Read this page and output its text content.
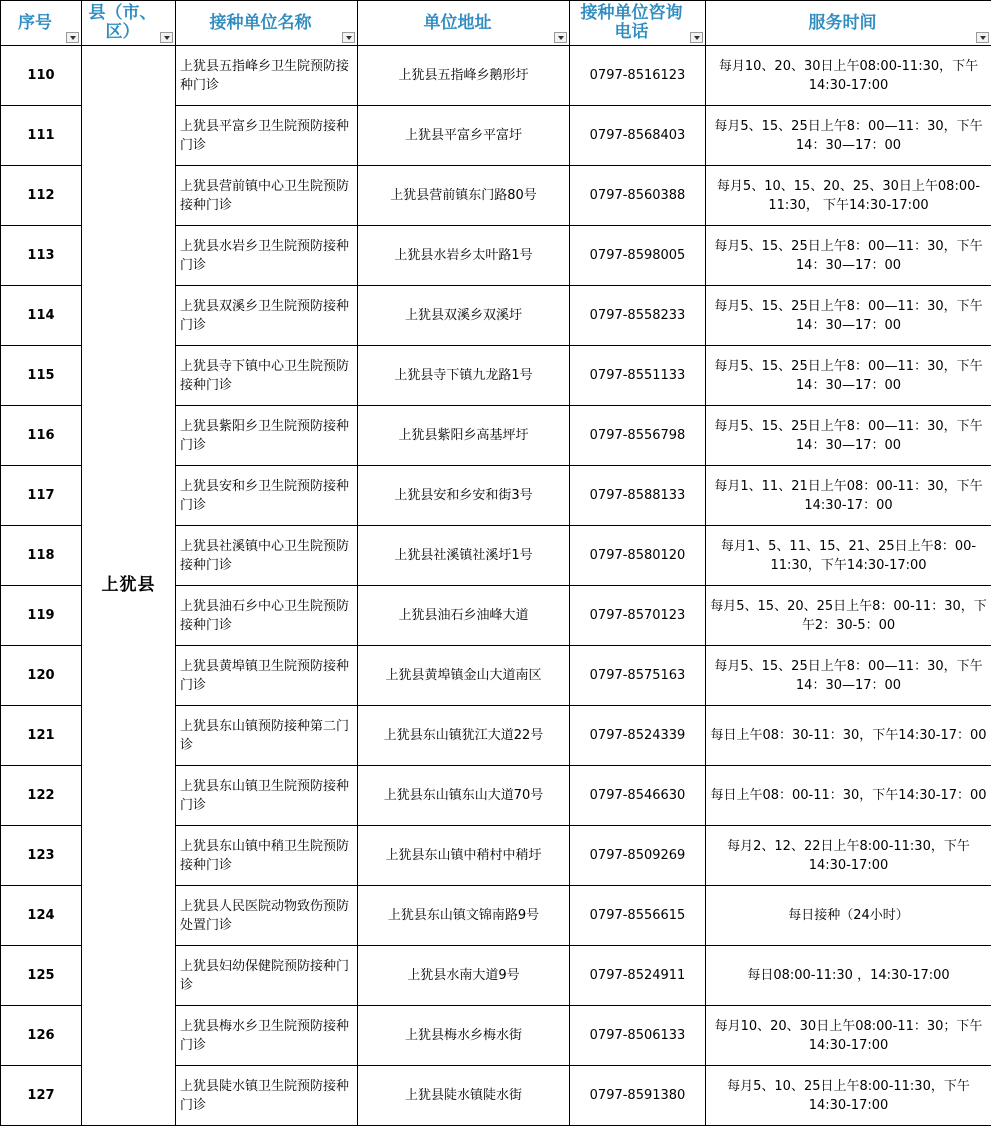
序号	县（市、区）	接种单位名称	单位地址	接种单位咨询电话	服务时间

110	上犹县	上犹县五指峰乡卫生院预防接种门诊	上犹县五指峰乡鹅形圩	0797-8516123	每月10、20、30日上午08:00-11:30，下午14:30-17:00
111		上犹县平富乡卫生院预防接种门诊	上犹县平富乡平富圩	0797-8568403	每月5、15、25日上午8：00—11：30，下午14：30—17：00
112		上犹县营前镇中心卫生院预防接种门诊	上犹县营前镇东门路80号	0797-8560388	每月5、10、15、20、25、30日上午08:00-11:30， 下午14:30-17:00
113		上犹县水岩乡卫生院预防接种门诊	上犹县水岩乡太叶路1号	0797-8598005	每月5、15、25日上午8：00—11：30，下午14：30—17：00
114		上犹县双溪乡卫生院预防接种门诊	上犹县双溪乡双溪圩	0797-8558233	每月5、15、25日上午8：00—11：30，下午14：30—17：00
115		上犹县寺下镇中心卫生院预防接种门诊	上犹县寺下镇九龙路1号	0797-8551133	每月5、15、25日上午8：00—11：30，下午14：30—17：00
116		上犹县紫阳乡卫生院预防接种门诊	上犹县紫阳乡高基坪圩	0797-8556798	每月5、15、25日上午8：00—11：30，下午14：30—17：00
117		上犹县安和乡卫生院预防接种门诊	上犹县安和乡安和街3号	0797-8588133	每月1、11、21日上午08：00-11：30，下午14:30-17：00
118		上犹县社溪镇中心卫生院预防接种门诊	上犹县社溪镇社溪圩1号	0797-8580120	每月1、5、11、15、21、25日上午8：00-11:30，下午14:30-17:00
119		上犹县油石乡中心卫生院预防接种门诊	上犹县油石乡油峰大道	0797-8570123	每月5、15、20、25日上午8：00-11：30，下午2：30-5：00
120		上犹县黄埠镇卫生院预防接种门诊	上犹县黄埠镇金山大道南区	0797-8575163	每月5、15、25日上午8：00—11：30，下午14：30—17：00
121		上犹县东山镇预防接种第二门诊	上犹县东山镇犹江大道22号	0797-8524339	每日上午08：30-11：30，下午14:30-17：00
122		上犹县东山镇卫生院预防接种门诊	上犹县东山镇东山大道70号	0797-8546630	每日上午08：00-11：30，下午14:30-17：00
123		上犹县东山镇中稍卫生院预防接种门诊	上犹县东山镇中稍村中稍圩	0797-8509269	每月2、12、22日上午8:00-11:30，下午14:30-17:00
124		上犹县人民医院动物致伤预防处置门诊	上犹县东山镇文锦南路9号	0797-8556615	每日接种（24小时）
125		上犹县妇幼保健院预防接种门诊	上犹县水南大道9号	0797-8524911	每日08:00-11:30 ，14:30-17:00
126		上犹县梅水乡卫生院预防接种门诊	上犹县梅水乡梅水街	0797-8506133	每月10、20、30日上午08:00-11：30；下午14:30-17:00
127		上犹县陡水镇卫生院预防接种门诊	上犹县陡水镇陡水街	0797-8591380	每月5、10、25日上午8:00-11:30，下午14:30-17:00
